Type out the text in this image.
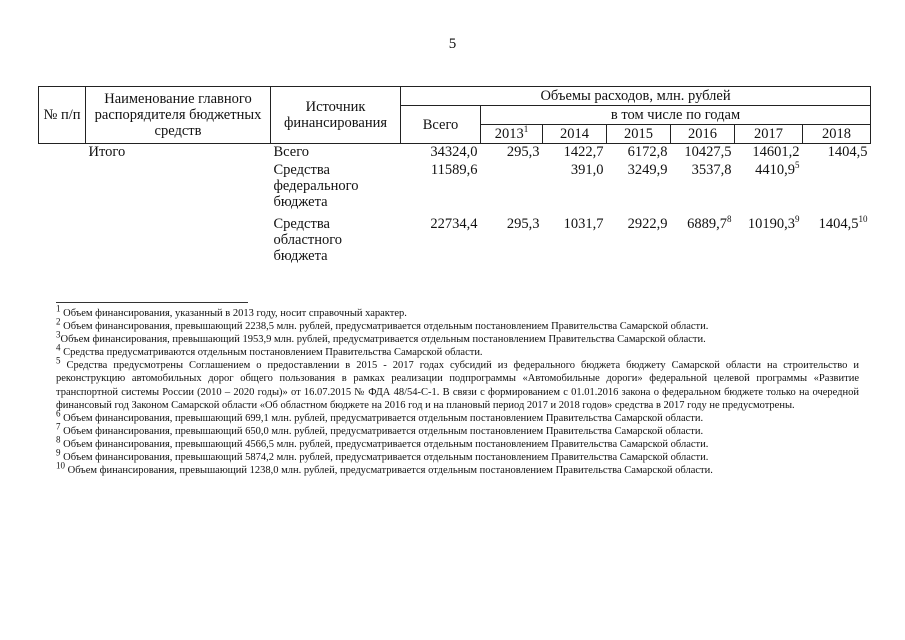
5
№ п/п	Наименование главного распорядителя бюджетных средств	Источник финансирования	Объемы расходов, млн. рублей						
			Всего	в том числе по годам					
				2013$^1$	2014	2015	2016	2017	2018
	Итого	Всего	34324,0	295,3	1422,7	6172,8	10427,5	14601,2	1404,5
		Средства федерального бюджета	11589,6		391,0	3249,9	3537,8	4410,9$^5$	
		Средства областного бюджета	22734,4	295,3	1031,7	2922,9	6889,7$^8$	10190,3$^9$	1404,5$^{10}$

$^1$ Объем финансирования, указанный в 2013 году, носит справочный характер.

$^2$ Объем финансирования, превышающий 2238,5 млн. рублей, предусматривается отдельным постановлением Правительства Самарской области.

$^3$Объем финансирования, превышающий 1953,9 млн. рублей, предусматривается отдельным постановлением Правительства Самарской области.

$^4$ Средства предусматриваются отдельным постановлением Правительства Самарской области.

$^5$ Средства предусмотрены Соглашением о предоставлении в 2015 - 2017 годах субсидий из федерального бюджета бюджету Самарской области на строительство и реконструкцию автомобильных дорог общего пользования в рамках реализации подпрограммы «Автомобильные дороги» федеральной целевой программы «Развитие транспортной системы России (2010 – 2020 годы)» от 16.07.2015 № ФДА 48/54-С-1. В связи с формированием с 01.01.2016 закона о федеральном бюджете только на очередной финансовый год Законом Самарской области «Об областном бюджете на 2016 год и на плановый период 2017 и 2018 годов» средства в 2017 году не предусмотрены.

$^6$ Объем финансирования, превышающий 699,1 млн. рублей, предусматривается отдельным постановлением Правительства Самарской области.

$^7$ Объем финансирования, превышающий 650,0 млн. рублей, предусматривается отдельным постановлением Правительства Самарской области.

$^8$ Объем финансирования, превышающий 4566,5 млн. рублей, предусматривается отдельным постановлением Правительства Самарской области.

$^9$ Объем финансирования, превышающий 5874,2 млн. рублей, предусматривается отдельным постановлением Правительства Самарской области.

$^{10}$ Объем финансирования, превышающий 1238,0 млн. рублей, предусматривается отдельным постановлением Правительства Самарской области.
